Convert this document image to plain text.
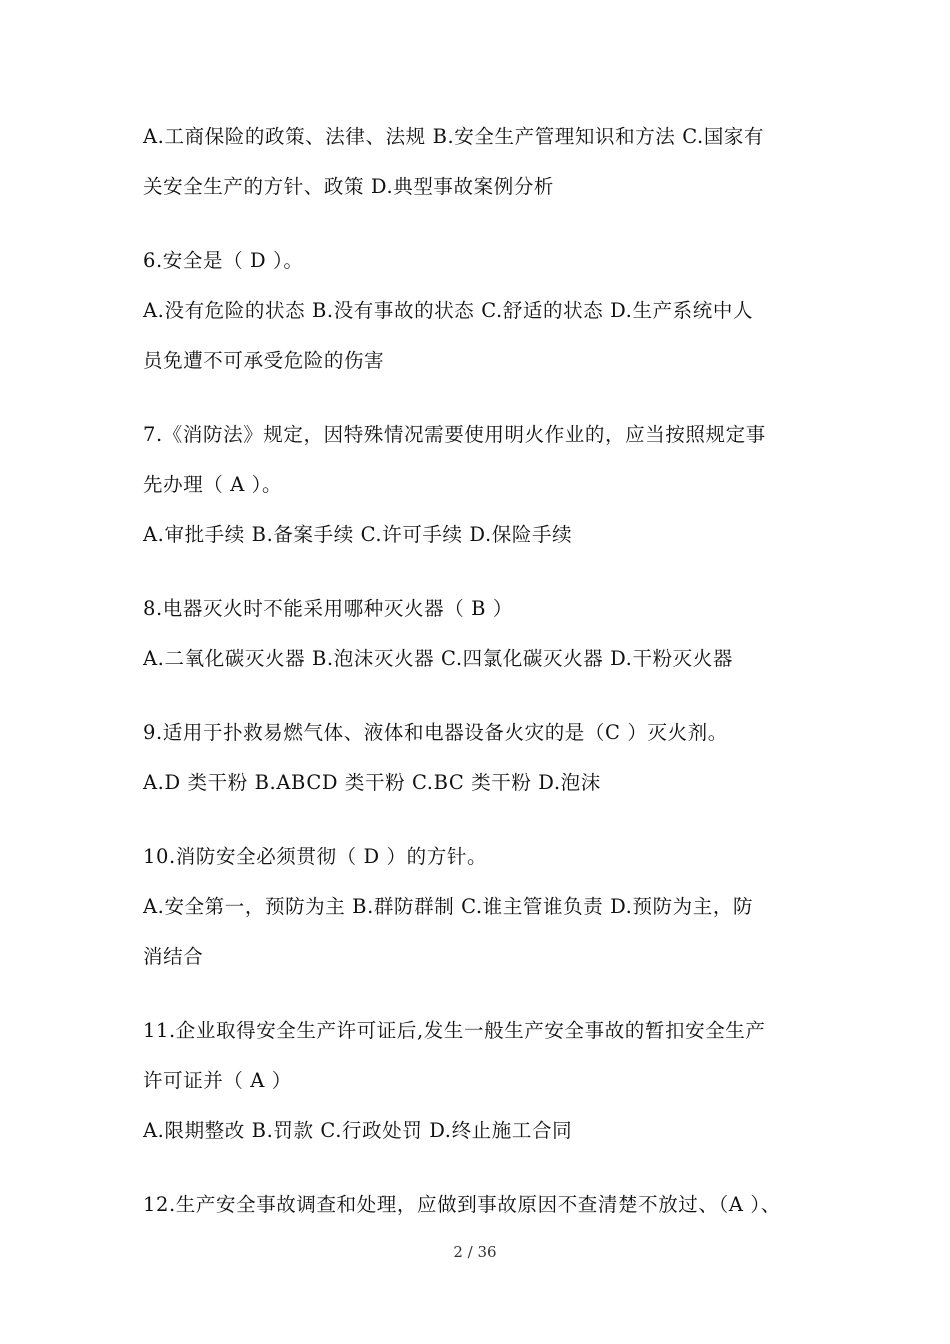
A.工商保险的政策、法律、法规 B.安全生产管理知识和方法 C.国家有
关安全生产的方针、政策 D.典型事故案例分析
6.安全是（ D ）。
A.没有危险的状态 B.没有事故的状态 C.舒适的状态 D.生产系统中人
员免遭不可承受危险的伤害
7.《消防法》规定，因特殊情况需要使用明火作业的，应当按照规定事
先办理（ A ）。
A.审批手续 B.备案手续 C.许可手续 D.保险手续
8.电器灭火时不能采用哪种灭火器（ B ）
A.二氧化碳灭火器 B.泡沫灭火器 C.四氯化碳灭火器 D.干粉灭火器
9.适用于扑救易燃气体、液体和电器设备火灾的是（C ）灭火剂。
A.D 类干粉 B.ABCD 类干粉 C.BC 类干粉 D.泡沫
10.消防安全必须贯彻（ D ）的方针。
A.安全第一，预防为主 B.群防群制 C.谁主管谁负责 D.预防为主，防
消结合
11.企业取得安全生产许可证后,发生一般生产安全事故的暂扣安全生产
许可证并（ A ）
A.限期整改 B.罚款 C.行政处罚 D.终止施工合同
12.生产安全事故调查和处理，应做到事故原因不查清楚不放过、（A ）、
2 / 36
